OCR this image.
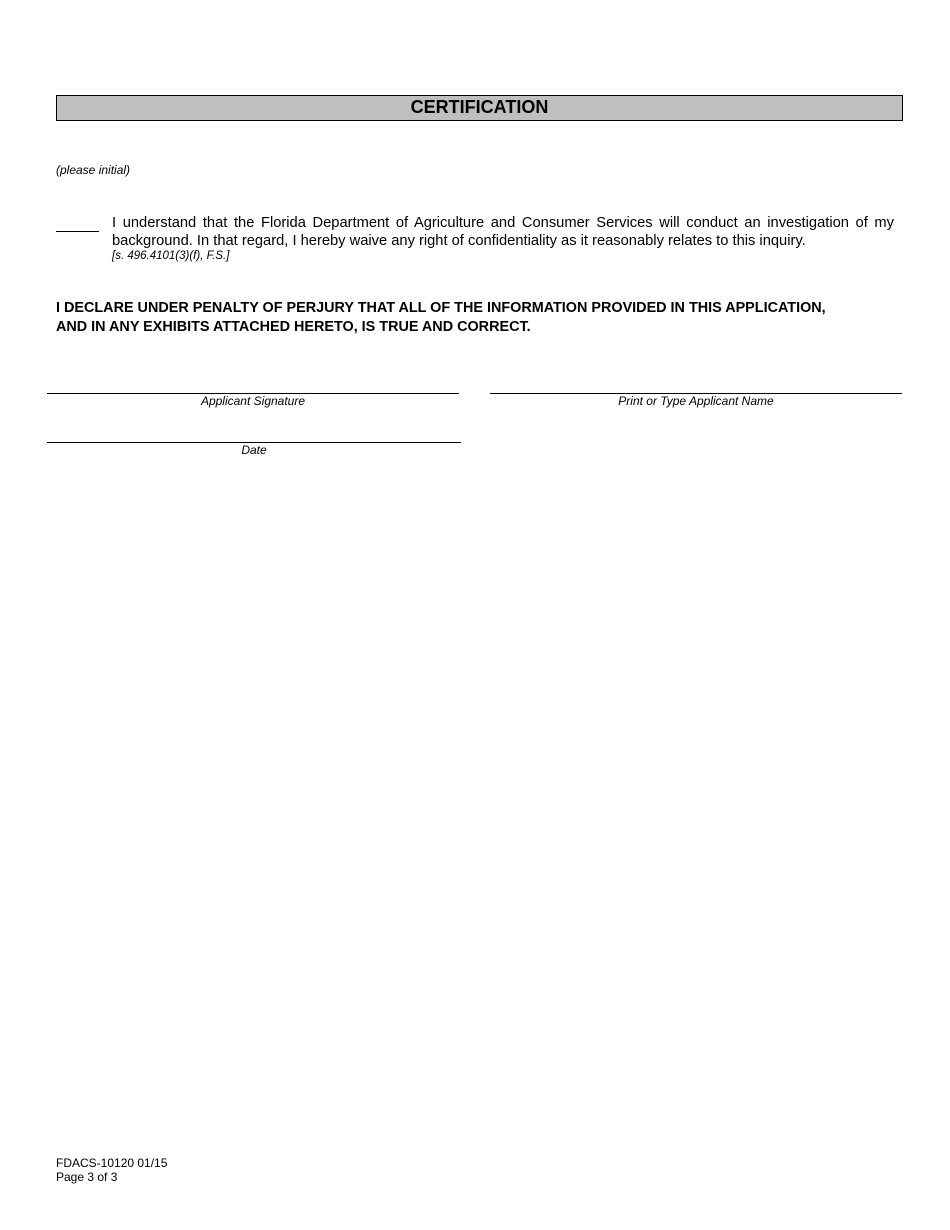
CERTIFICATION
(please initial)
I understand that the Florida Department of Agriculture and Consumer Services will conduct an investigation of my background. In that regard, I hereby waive any right of confidentiality as it reasonably relates to this inquiry.
[s. 496.4101(3)(f), F.S.]
I DECLARE UNDER PENALTY OF PERJURY THAT ALL OF THE INFORMATION PROVIDED IN THIS APPLICATION,
AND IN ANY EXHIBITS ATTACHED HERETO, IS TRUE AND CORRECT.
Applicant Signature	Print or Type Applicant Name
Date
FDACS-10120 01/15
Page 3 of 3
